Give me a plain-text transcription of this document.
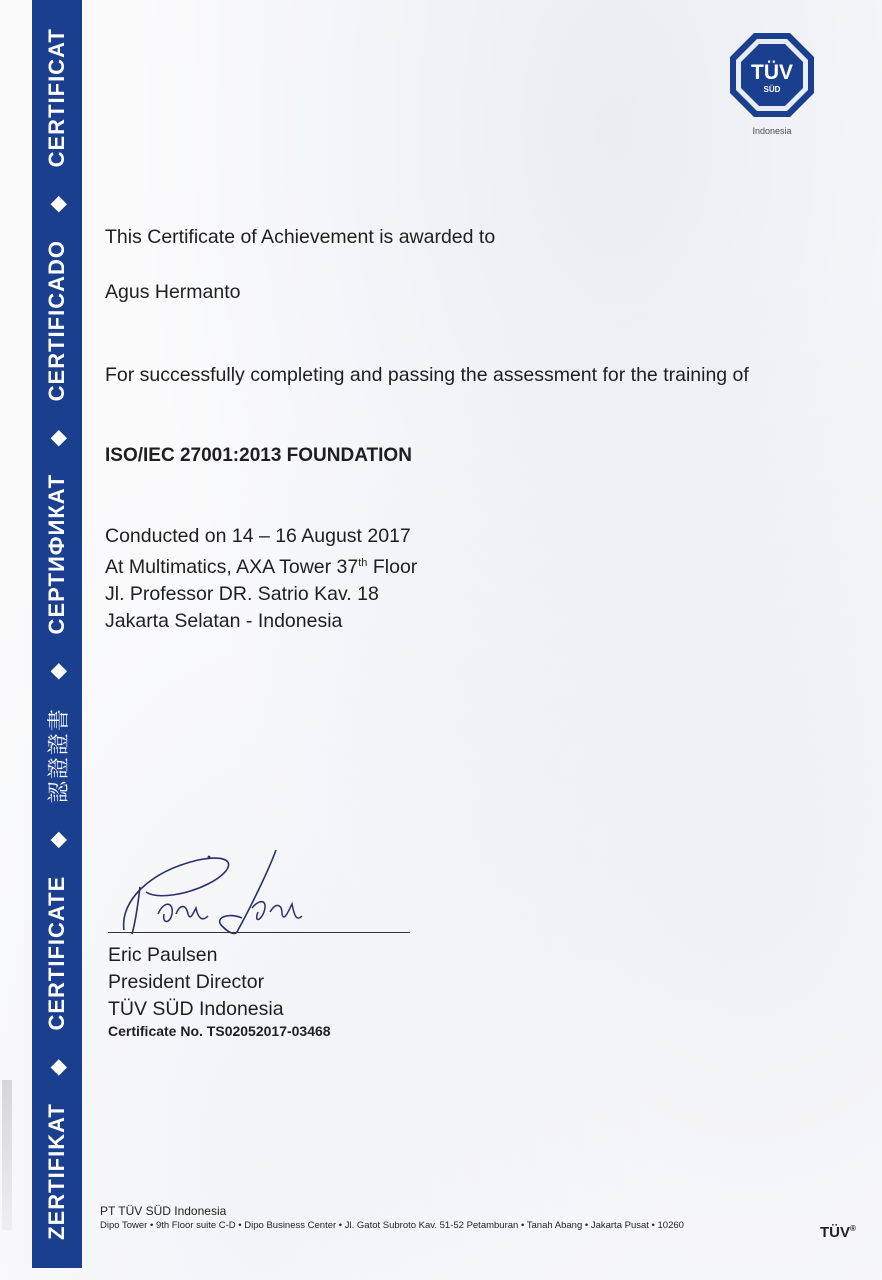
ZERTIFIKAT
◆
CERTIFICATE
◆
認證證書
◆
СЕРТИФИКАТ
◆
CERTIFICADO
◆
CERTIFICAT	TÜV
SÜD
Indonesia
This Certificate of Achievement is awarded to
Agus Hermanto
For successfully completing and passing the assessment for the training of
ISO/IEC 27001:2013 FOUNDATION
Conducted on 14 – 16 August 2017
At Multimatics, AXA Tower 37th Floor
Jl. Professor DR. Satrio Kav. 18
Jakarta Selatan - Indonesia
Eric Paulsen
President Director
TÜV SÜD Indonesia
Certificate No. TS02052017-03468
PT TÜV SÜD Indonesia
Dipo Tower • 9th Floor suite C-D • Dipo Business Center • Jl. Gatot Subroto Kav. 51-52 Petamburan • Tanah Abang • Jakarta Pusat • 10260	TÜV®
